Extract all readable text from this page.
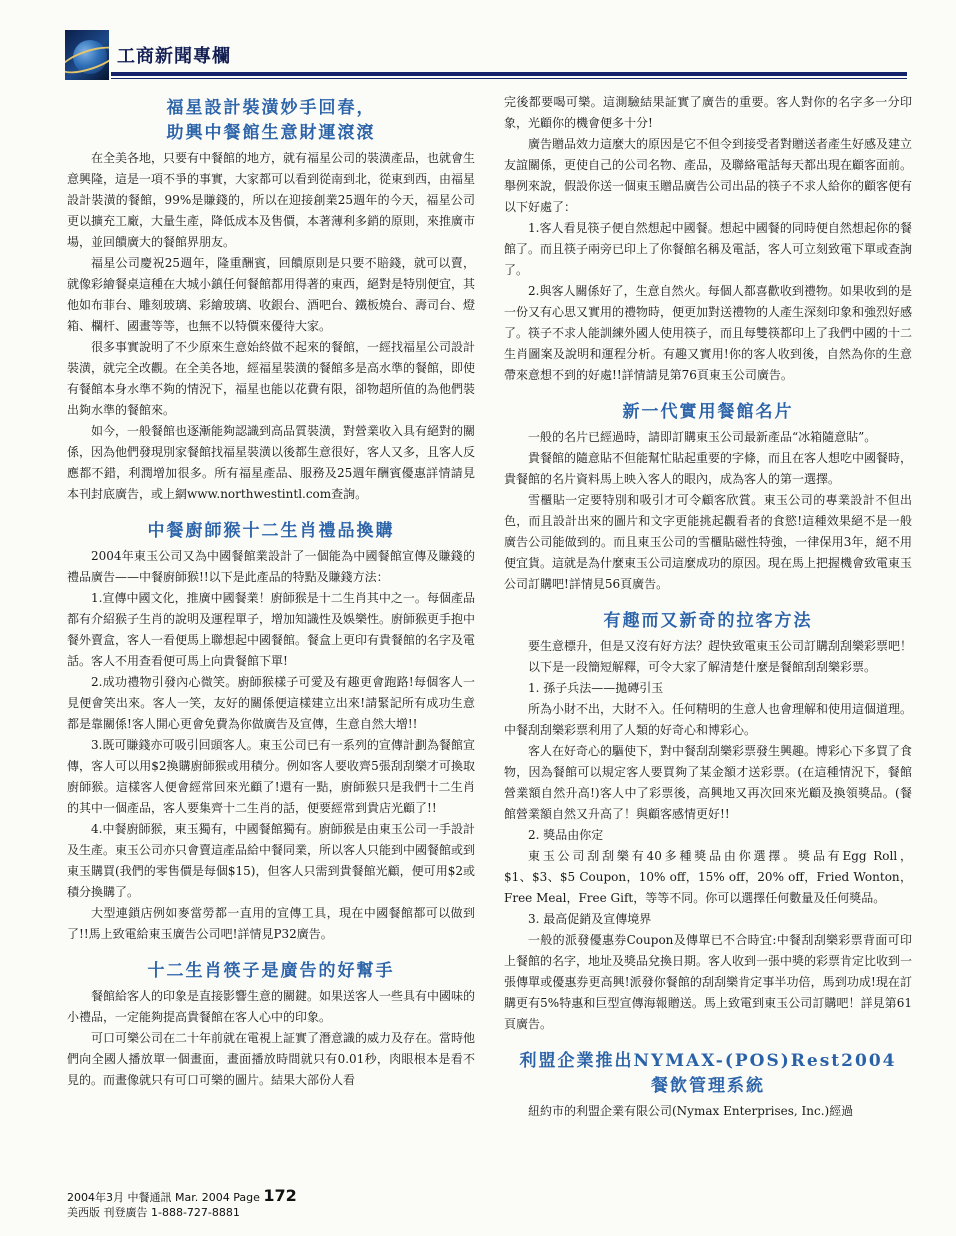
工商新聞專欄
福星設計裝潢妙手回春，
助興中餐館生意財運滾滾

在全美各地，只要有中餐館的地方，就有福星公司的裝潢產品，也就會生意興隆，這是一項不爭的事實，大家都可以看到從南到北，從東到西，由福星設計裝潢的餐館，99%是賺錢的，所以在迎接創業25週年的今天，福星公司更以擴充工廠，大量生產，降低成本及售價，本著薄利多銷的原則，來推廣市場，並回饋廣大的餐館界朋友。

福星公司慶祝25週年，隆重酬賓，回饋原則是只要不賠錢，就可以賣，就像彩繪餐桌這種在大城小鎮任何餐館都用得著的東西，絕對是特別便宜，其他如布菲台、雕刻玻璃、彩繪玻璃、收銀台、酒吧台、鐵板燒台、壽司台、燈箱、欄杆、國畫等等，也無不以特價來優待大家。

很多事實說明了不少原來生意始終做不起來的餐館，一經找福星公司設計裝潢，就完全改觀。在全美各地，經福星裝潢的餐館多是高水準的餐館，即使有餐館本身水準不夠的情況下，福星也能以花費有限，卻物超所值的為他們裝出夠水準的餐館來。

如今，一般餐館也逐漸能夠認識到高品質裝潢，對營業收入具有絕對的關係，因為他們發現別家餐館找福星裝潢以後都生意很好，客人又多，且客人反應都不錯，利潤增加很多。所有福星產品、服務及25週年酬賓優惠詳情請見本刊封底廣告，或上網www.northwestintl.com查詢。

中餐廚師猴十二生肖禮品換購

2004年東玉公司又為中國餐館業設計了一個能為中國餐館宣傳及賺錢的禮品廣告——中餐廚師猴!!以下是此產品的特點及賺錢方法：

1.宣傳中國文化，推廣中國餐業！廚師猴是十二生肖其中之一。每個產品都有介紹猴子生肖的說明及運程單子，增加知識性及娛樂性。廚師猴更手抱中餐外賣盒，客人一看便馬上聯想起中國餐館。餐盒上更印有貴餐館的名字及電話。客人不用查看便可馬上向貴餐館下單!

2.成功禮物引發內心微笑。廚師猴樣子可愛及有趣更會跑路!每個客人一見便會笑出來。客人一笑，友好的關係便這樣建立出來!請緊記所有成功生意都是靠關係!客人開心更會免費為你做廣告及宣傳，生意自然大增!!

3.既可賺錢亦可吸引回頭客人。東玉公司已有一系列的宣傳計劃為餐館宣傳，客人可以用$2換購廚師猴或用積分。例如客人要收齊5張刮刮樂才可換取廚師猴。這樣客人便會經常回來光顧了!還有一點，廚師猴只是我們十二生肖的其中一個產品，客人要集齊十二生肖的話，便要經常到貴店光顧了!!

4.中餐廚師猴，東玉獨有，中國餐館獨有。廚師猴是由東玉公司一手設計及生產。東玉公司亦只會賣這產品給中餐同業，所以客人只能到中國餐館或到東玉購買(我們的零售價是每個$15)，但客人只需到貴餐館光顧，便可用$2或積分換購了。

大型連鎖店例如麥當勞都一直用的宣傳工具，現在中國餐館都可以做到了!!馬上致電給東玉廣告公司吧!詳情見P32廣告。

十二生肖筷子是廣告的好幫手

餐館給客人的印象是直接影響生意的關鍵。如果送客人一些具有中國味的小禮品，一定能夠提高貴餐館在客人心中的印象。

可口可樂公司在二十年前就在電視上証實了潛意識的威力及存在。當時他們向全國人播放單一個畫面，畫面播放時間就只有0.01秒，肉眼根本是看不見的。而畫像就只有可口可樂的圖片。結果大部份人看

完後都要喝可樂。這測驗結果証實了廣告的重要。客人對你的名字多一分印象，光顧你的機會便多十分!

廣告贈品效力這麼大的原因是它不但令到接受者對贈送者產生好感及建立友誼關係，更使自己的公司名物、產品，及聯絡電話每天都出現在顧客面前。舉例來說，假設你送一個東玉贈品廣告公司出品的筷子不求人給你的顧客便有以下好處了：

1.客人看見筷子便自然想起中國餐。想起中國餐的同時便自然想起你的餐館了。而且筷子兩旁已印上了你餐館名稱及電話，客人可立刻致電下單或查詢了。

2.與客人關係好了，生意自然火。每個人都喜歡收到禮物。如果收到的是一份又有心思又實用的禮物時，便更加對送禮物的人產生深刻印象和強烈好感了。筷子不求人能訓練外國人使用筷子，而且每雙筷都印上了我們中國的十二生肖圖案及說明和運程分析。有趣又實用!你的客人收到後，自然為你的生意帶來意想不到的好處!!詳情請見第76頁東玉公司廣告。

新一代實用餐館名片

一般的名片已經過時，請即訂購東玉公司最新產品“冰箱隨意貼”。

貴餐館的隨意貼不但能幫忙貼起重要的字條，而且在客人想吃中國餐時，貴餐館的名片資料馬上映入客人的眼內，成為客人的第一選擇。

雪櫃貼一定要特別和吸引才可令顧客欣賞。東玉公司的專業設計不但出色，而且設計出來的圖片和文字更能挑起觀看者的食慾!這種效果絕不是一般廣告公司能做到的。而且東玉公司的雪櫃貼磁性特強，一律保用3年，絕不用便宜貨。這就是為什麼東玉公司這麼成功的原因。現在馬上把握機會致電東玉公司訂購吧!詳情見56頁廣告。

有趣而又新奇的拉客方法

要生意標升，但是又沒有好方法？趕快致電東玉公司訂購刮刮樂彩票吧！

以下是一段簡短解釋，可令大家了解清楚什麼是餐館刮刮樂彩票。

1. 孫子兵法——拋磚引玉

所為小財不出，大財不入。任何精明的生意人也會理解和使用這個道理。中餐刮刮樂彩票利用了人類的好奇心和博彩心。

客人在好奇心的驅使下，對中餐刮刮樂彩票發生興趣。博彩心下多買了食物，因為餐館可以規定客人要買夠了某金額才送彩票。(在這種情況下，餐館營業額自然升高!)客人中了彩票後，高興地又再次回來光顧及換領獎品。(餐館營業額自然又升高了！與顧客感情更好!!

2. 獎品由你定

東玉公司刮刮樂有40多種獎品由你選擇。獎品有Egg Roll，$1、$3、$5 Coupon，10% off，15% off，20% off，Fried Wonton， Free Meal，Free Gift，等等不同。你可以選擇任何數量及任何獎品。

3. 最高促銷及宣傳境界

一般的派發優惠券Coupon及傳單已不合時宜:中餐刮刮樂彩票背面可印上餐館的名字，地址及獎品兌換日期。客人收到一張中獎的彩票肯定比收到一張傳單或優惠券更高興!派發你餐館的刮刮樂肯定事半功倍，馬到功成!現在訂購更有5%特惠和巨型宣傳海報贈送。馬上致電到東玉公司訂購吧！詳見第61頁廣告。

利盟企業推出NYMAX-(POS)Rest2004
餐飲管理系統

紐約市的利盟企業有限公司(Nymax Enterprises, Inc.)經過

2004年3月 中餐通訊 Mar. 2004 Page 172
美西版 刊登廣告 1-888-727-8881
